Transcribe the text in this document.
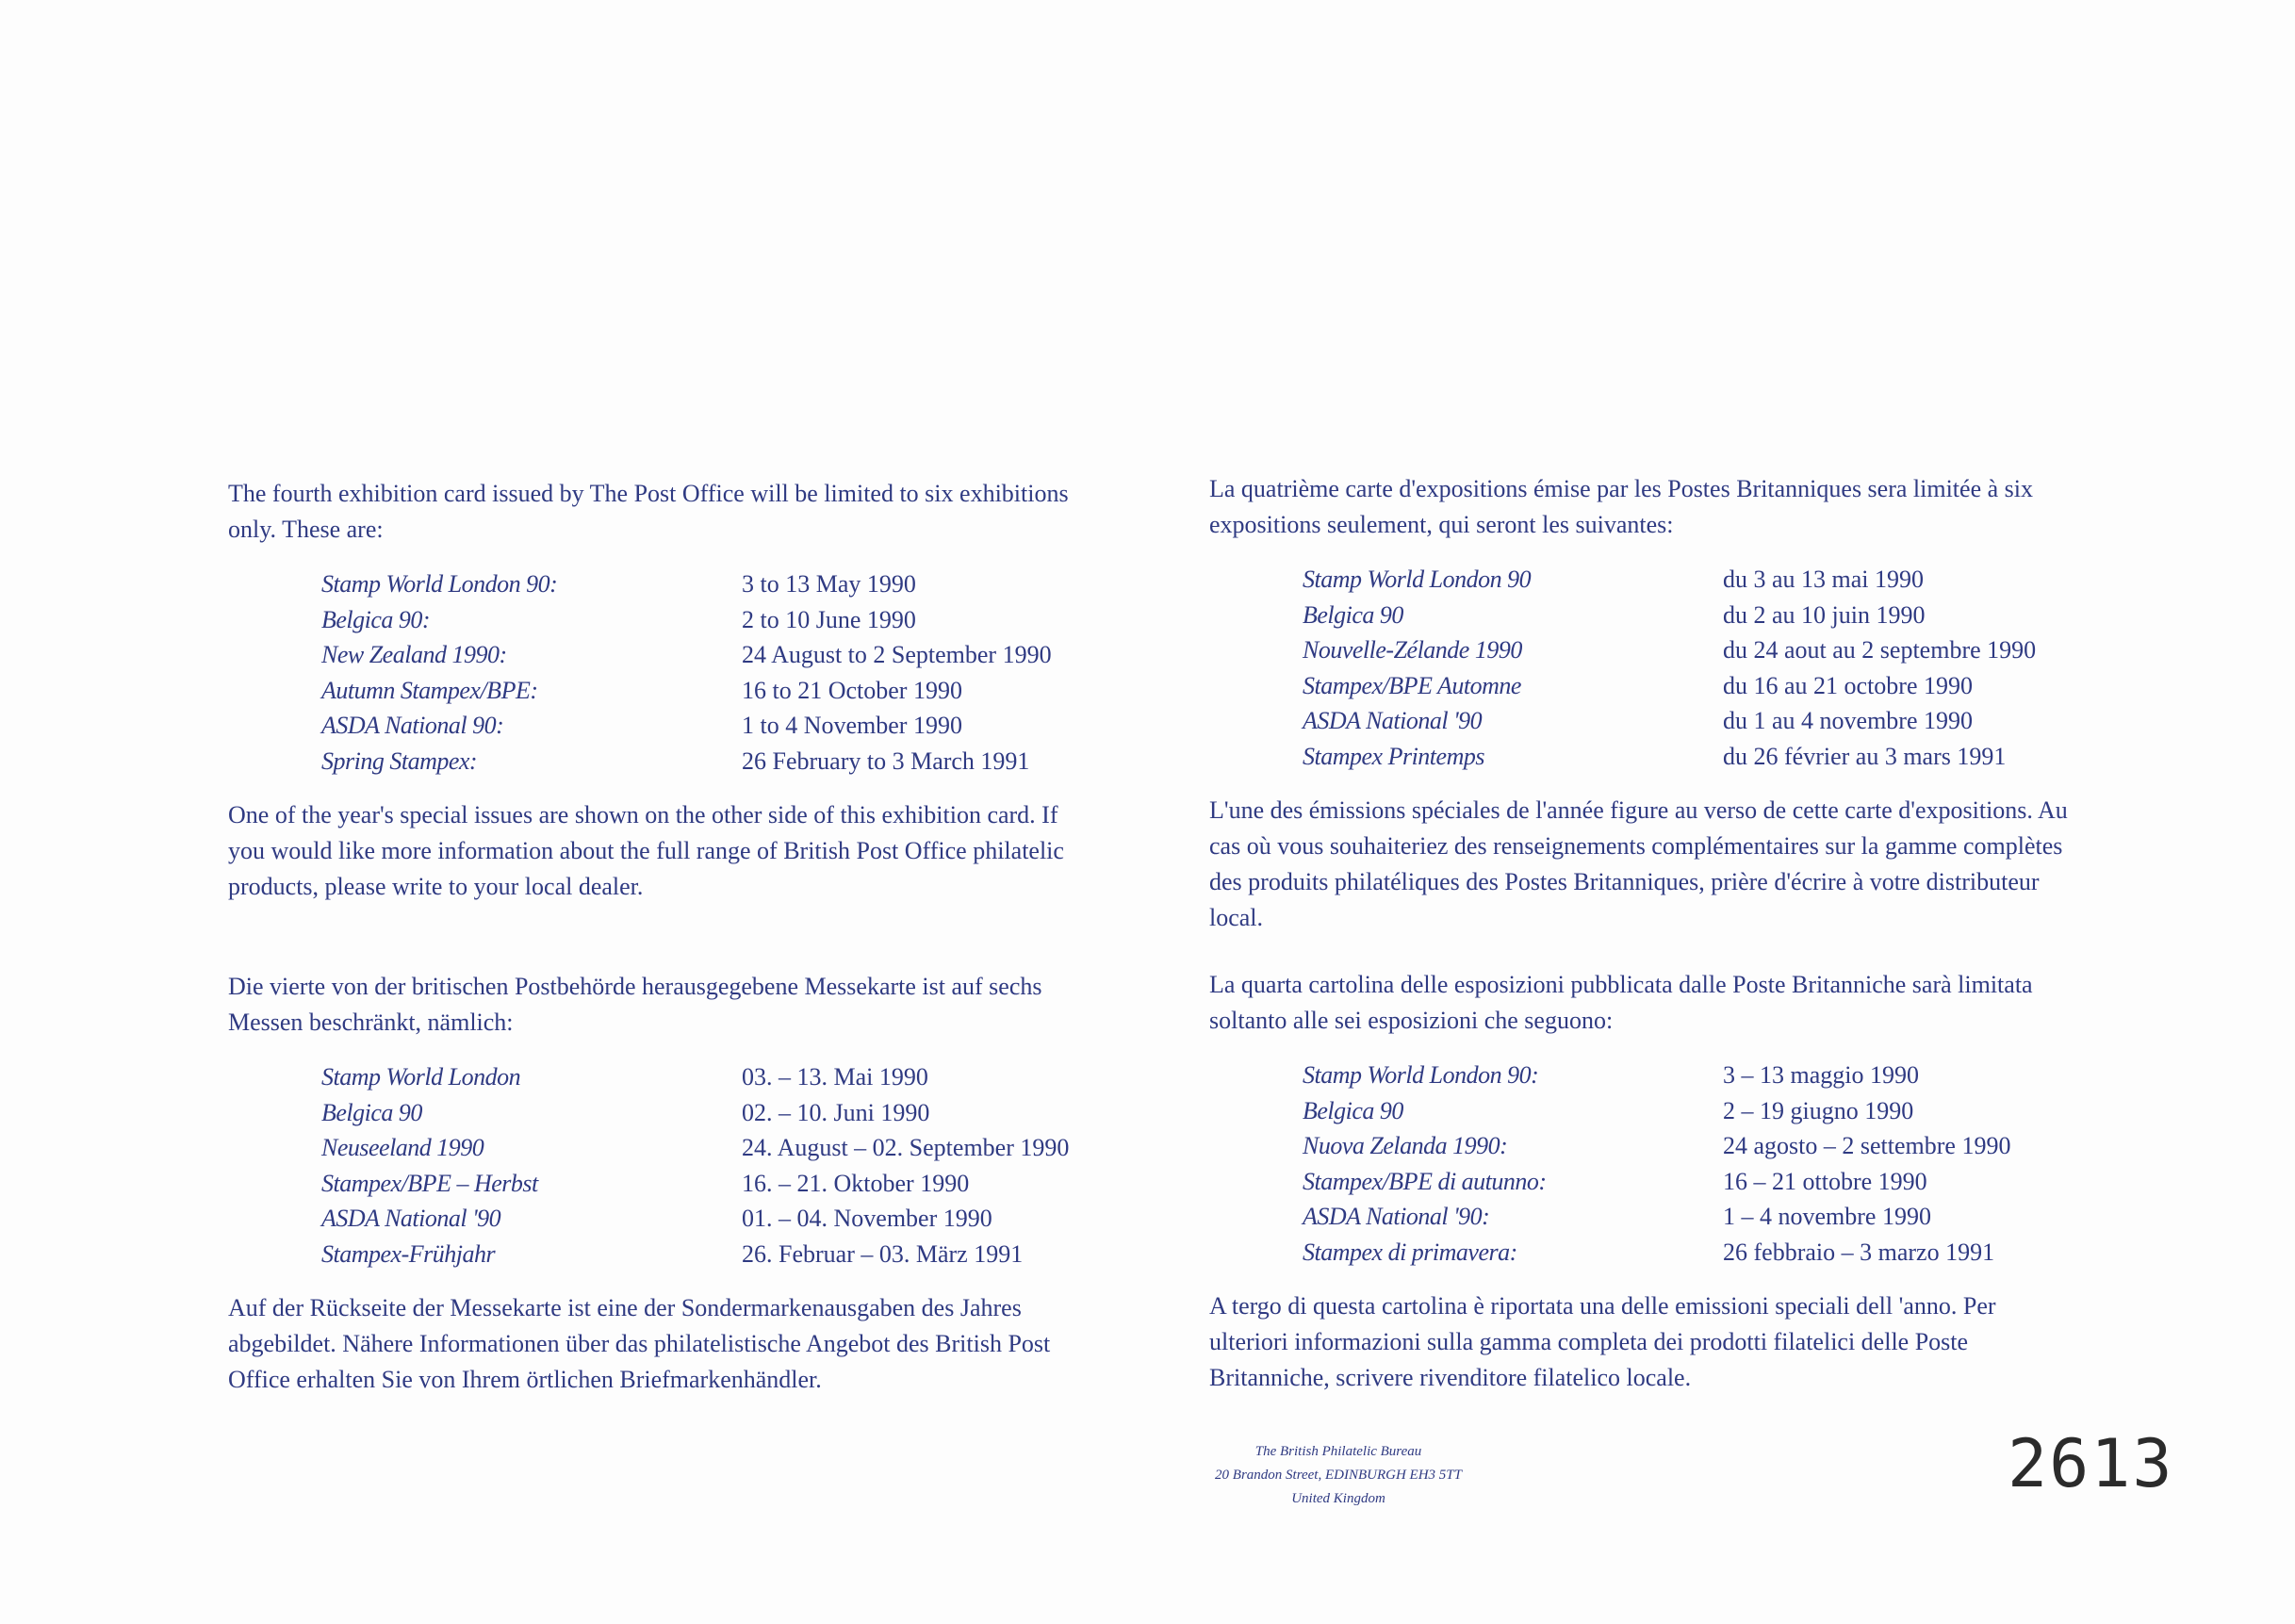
The fourth exhibition card issued by The Post Office will be limited to six exhibitions only. These are:

Stamp World London 90:	3 to 13 May 1990
Belgica 90:	2 to 10 June 1990
New Zealand 1990:	24 August to 2 September 1990
Autumn Stampex/BPE:	16 to 21 October 1990
ASDA National 90:	1 to 4 November 1990
Spring Stampex:	26 February to 3 March 1991

One of the year's special issues are shown on the other side of this exhibition card. If you would like more information about the full range of British Post Office philatelic products, please write to your local dealer.

La quatrième carte d'expositions émise par les Postes Britanniques sera limitée à six expositions seulement, qui seront les suivantes:

Stamp World London 90	du 3 au 13 mai 1990
Belgica 90	du 2 au 10 juin 1990
Nouvelle-Zélande 1990	du 24 aout au 2 septembre 1990
Stampex/BPE Automne	du 16 au 21 octobre 1990
ASDA National '90	du 1 au 4 novembre 1990
Stampex Printemps	du 26 février au 3 mars 1991

L'une des émissions spéciales de l'année figure au verso de cette carte d'expositions. Au cas où vous souhaiteriez des renseignements complémentaires sur la gamme complètes des produits philatéliques des Postes Britanniques, prière d'écrire à votre distributeur local.

Die vierte von der britischen Postbehörde herausgegebene Messekarte ist auf sechs Messen beschränkt, nämlich:

Stamp World London	03. – 13. Mai 1990
Belgica 90	02. – 10. Juni 1990
Neuseeland 1990	24. August – 02. September 1990
Stampex/BPE – Herbst	16. – 21. Oktober 1990
ASDA National '90	01. – 04. November 1990
Stampex-Frühjahr	26. Februar – 03. März 1991

Auf der Rückseite der Messekarte ist eine der Sondermarkenausgaben des Jahres abgebildet. Nähere Informationen über das philatelistische Angebot des British Post Office erhalten Sie von Ihrem örtlichen Briefmarkenhändler.

La quarta cartolina delle esposizioni pubblicata dalle Poste Britanniche sarà limitata soltanto alle sei esposizioni che seguono:

Stamp World London 90:	3 – 13 maggio 1990
Belgica 90	2 – 19 giugno 1990
Nuova Zelanda 1990:	24 agosto – 2 settembre 1990
Stampex/BPE di autunno:	16 – 21 ottobre 1990
ASDA National '90:	1 – 4 novembre 1990
Stampex di primavera:	26 febbraio – 3 marzo 1991

A tergo di questa cartolina è riportata una delle emissioni speciali dell 'anno. Per ulteriori informazioni sulla gamma completa dei prodotti filatelici delle Poste Britanniche, scrivere rivenditore filatelico locale.

The British Philatelic Bureau
20 Brandon Street, EDINBURGH EH3 5TT
United Kingdom	2613
